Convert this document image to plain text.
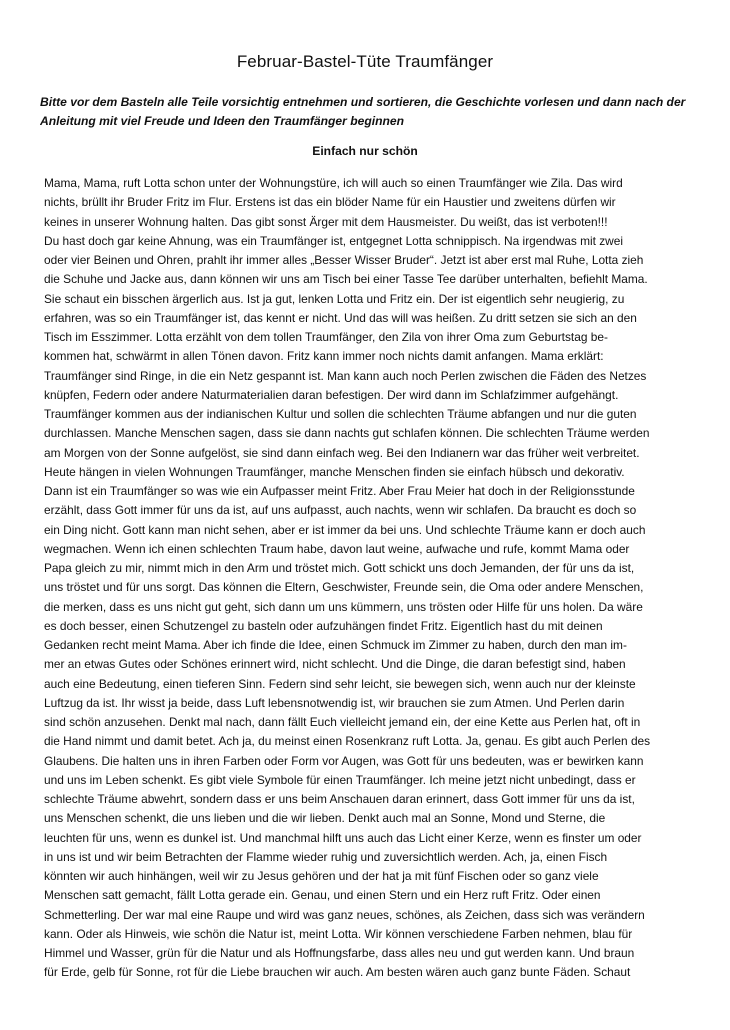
Februar-Bastel-Tüte Traumfänger
Bitte vor dem Basteln alle Teile vorsichtig entnehmen und sortieren, die Geschichte vorlesen und dann nach der
Anleitung mit viel Freude und Ideen den Traumfänger beginnen
Einfach nur schön
Mama, Mama, ruft Lotta schon unter der Wohnungstüre, ich will auch so einen Traumfänger wie Zila. Das wird
nichts, brüllt ihr Bruder Fritz im Flur. Erstens ist das ein blöder Name für ein Haustier und zweitens dürfen wir
keines in unserer Wohnung halten. Das gibt sonst Ärger mit dem Hausmeister. Du weißt, das ist verboten!!!
Du hast doch gar keine Ahnung, was ein Traumfänger ist, entgegnet Lotta schnippisch. Na irgendwas mit zwei
oder vier Beinen und Ohren, prahlt ihr immer alles „Besser Wisser Bruder“. Jetzt ist aber erst mal Ruhe, Lotta zieh
die Schuhe und Jacke aus, dann können wir uns am Tisch bei einer Tasse Tee darüber unterhalten, befiehlt Mama.
Sie schaut ein bisschen ärgerlich aus. Ist ja gut, lenken Lotta und Fritz ein. Der ist eigentlich sehr neugierig, zu
erfahren, was so ein Traumfänger ist, das kennt er nicht. Und das will was heißen. Zu dritt setzen sie sich an den
Tisch im Esszimmer. Lotta erzählt von dem tollen Traumfänger, den Zila von ihrer Oma zum Geburtstag be-
kommen hat, schwärmt in allen Tönen davon. Fritz kann immer noch nichts damit anfangen. Mama erklärt:
Traumfänger sind Ringe, in die ein Netz gespannt ist. Man kann auch noch Perlen zwischen die Fäden des Netzes
knüpfen, Federn oder andere Naturmaterialien daran befestigen. Der wird dann im Schlafzimmer aufgehängt.
Traumfänger kommen aus der indianischen Kultur und sollen die schlechten Träume abfangen und nur die guten
durchlassen. Manche Menschen sagen, dass sie dann nachts gut schlafen können. Die schlechten Träume werden
am Morgen von der Sonne aufgelöst, sie sind dann einfach weg. Bei den Indianern war das früher weit verbreitet.
Heute hängen in vielen Wohnungen Traumfänger, manche Menschen finden sie einfach hübsch und dekorativ.
Dann ist ein Traumfänger so was wie ein Aufpasser meint Fritz. Aber Frau Meier hat doch in der Religionsstunde
erzählt, dass Gott immer für uns da ist, auf uns aufpasst, auch nachts, wenn wir schlafen. Da braucht es doch so
ein Ding nicht. Gott kann man nicht sehen, aber er ist immer da bei uns. Und schlechte Träume kann er doch auch
wegmachen. Wenn ich einen schlechten Traum habe, davon laut weine, aufwache und rufe, kommt Mama oder
Papa gleich zu mir, nimmt mich in den Arm und tröstet mich. Gott schickt uns doch Jemanden, der für uns da ist,
uns tröstet und für uns sorgt. Das können die Eltern, Geschwister, Freunde sein, die Oma oder andere Menschen,
die merken, dass es uns nicht gut geht, sich dann um uns kümmern, uns trösten oder Hilfe für uns holen. Da wäre
es doch besser, einen Schutzengel zu basteln oder aufzuhängen findet Fritz. Eigentlich hast du mit deinen
Gedanken recht meint Mama. Aber ich finde die Idee, einen Schmuck im Zimmer zu haben, durch den man im-
mer an etwas Gutes oder Schönes erinnert wird, nicht schlecht. Und die Dinge, die daran befestigt sind, haben
auch eine Bedeutung, einen tieferen Sinn. Federn sind sehr leicht, sie bewegen sich, wenn auch nur der kleinste
Luftzug da ist. Ihr wisst ja beide, dass Luft lebensnotwendig ist, wir brauchen sie zum Atmen. Und Perlen darin
sind schön anzusehen. Denkt mal nach, dann fällt Euch vielleicht jemand ein, der eine Kette aus Perlen hat, oft in
die Hand nimmt und damit betet. Ach ja, du meinst einen Rosenkranz ruft Lotta. Ja, genau. Es gibt auch Perlen des
Glaubens. Die halten uns in ihren Farben oder Form vor Augen, was Gott für uns bedeuten, was er bewirken kann
und uns im Leben schenkt. Es gibt viele Symbole für einen Traumfänger. Ich meine jetzt nicht unbedingt, dass er
schlechte Träume abwehrt, sondern dass er uns beim Anschauen daran erinnert, dass Gott immer für uns da ist,
uns Menschen schenkt, die uns lieben und die wir lieben. Denkt auch mal an Sonne, Mond und Sterne, die
leuchten für uns, wenn es dunkel ist. Und manchmal hilft uns auch das Licht einer Kerze, wenn es finster um oder
in uns ist und wir beim Betrachten der Flamme wieder ruhig und zuversichtlich werden. Ach, ja, einen Fisch
könnten wir auch hinhängen, weil wir zu Jesus gehören und der hat ja mit fünf Fischen oder so ganz viele
Menschen satt gemacht, fällt Lotta gerade ein. Genau, und einen Stern und ein Herz ruft Fritz. Oder einen
Schmetterling. Der war mal eine Raupe und wird was ganz neues, schönes, als Zeichen, dass sich was verändern
kann. Oder als Hinweis, wie schön die Natur ist, meint Lotta. Wir können verschiedene Farben nehmen, blau für
Himmel und Wasser, grün für die Natur und als Hoffnungsfarbe, dass alles neu und gut werden kann. Und braun
für Erde, gelb für Sonne, rot für die Liebe brauchen wir auch. Am besten wären auch ganz bunte Fäden. Schaut
